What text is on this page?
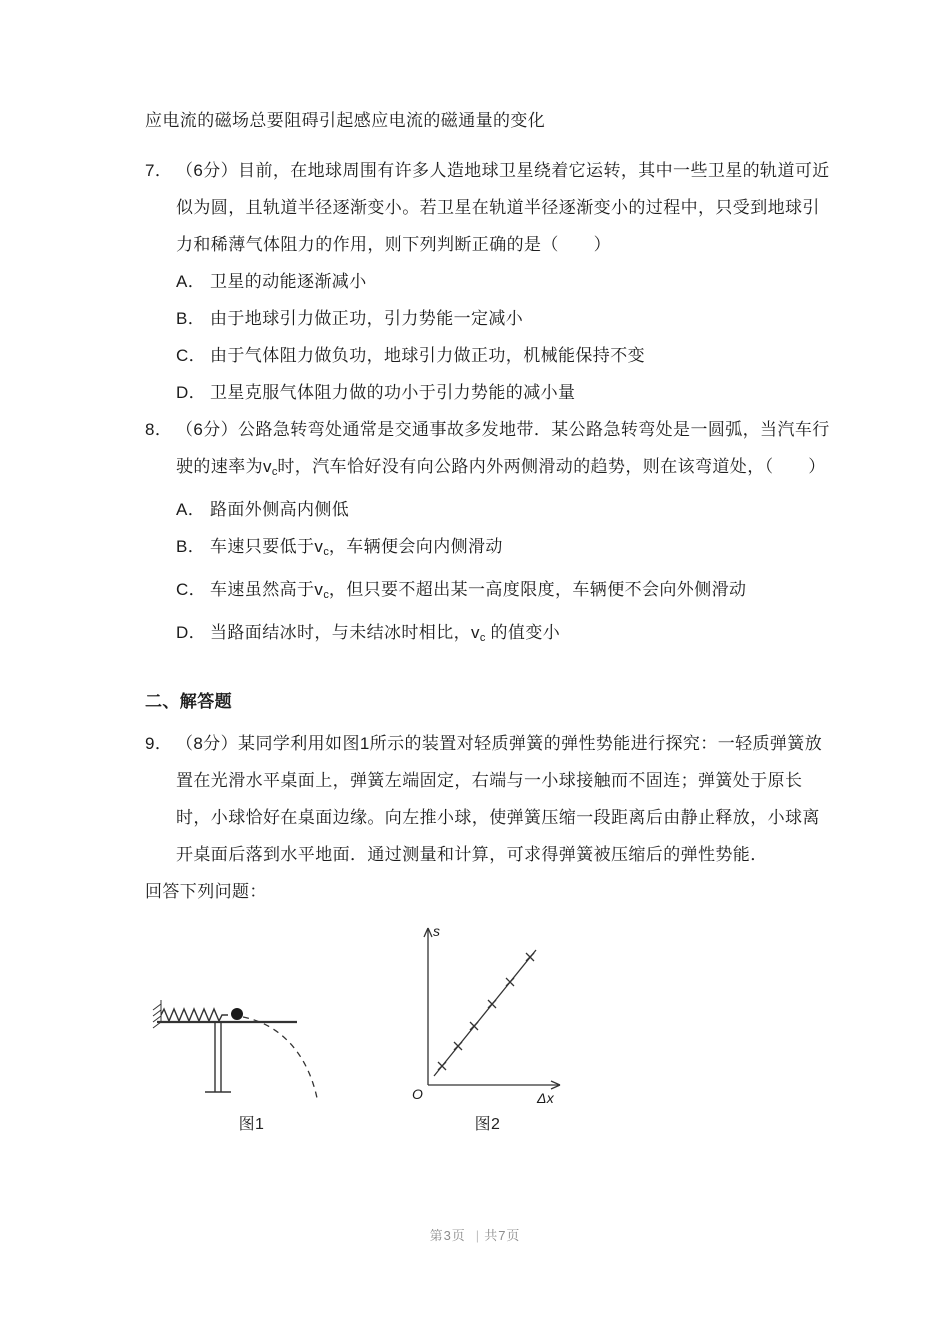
应电流的磁场总要阻碍引起感应电流的磁通量的变化

7． （6分）目前，在地球周围有许多人造地球卫星绕着它运转，其中一些卫星的轨道可近似为圆，且轨道半径逐渐变小。若卫星在轨道半径逐渐变小的过程中，只受到地球引力和稀薄气体阻力的作用，则下列判断正确的是（　　）
A． 卫星的动能逐渐减小
B． 由于地球引力做正功，引力势能一定减小
C． 由于气体阻力做负功，地球引力做正功，机械能保持不变
D． 卫星克服气体阻力做的功小于引力势能的减小量
8． （6分）公路急转弯处通常是交通事故多发地带．某公路急转弯处是一圆弧，当汽车行驶的速率为$v_c$时，汽车恰好没有向公路内外两侧滑动的趋势，则在该弯道处，（　　）
A． 路面外侧高内侧低
B． 车速只要低于$v_c$，车辆便会向内侧滑动
C． 车速虽然高于$v_c$，但只要不超出某一高度限度，车辆便不会向外侧滑动
D． 当路面结冰时，与未结冰时相比，$v_c$ 的值变小
二、解答题
9． （8分）某同学利用如图1所示的装置对轻质弹簧的弹性势能进行探究：一轻质弹簧放置在光滑水平桌面上，弹簧左端固定，右端与一小球接触而不固连；弹簧处于原长时，小球恰好在桌面边缘。向左推小球，使弹簧压缩一段距离后由静止释放，小球离开桌面后落到水平地面．通过测量和计算，可求得弹簧被压缩后的弹性势能．

回答下列问题：

图1
s
Δx
O
图2
第3页 | 共7页
